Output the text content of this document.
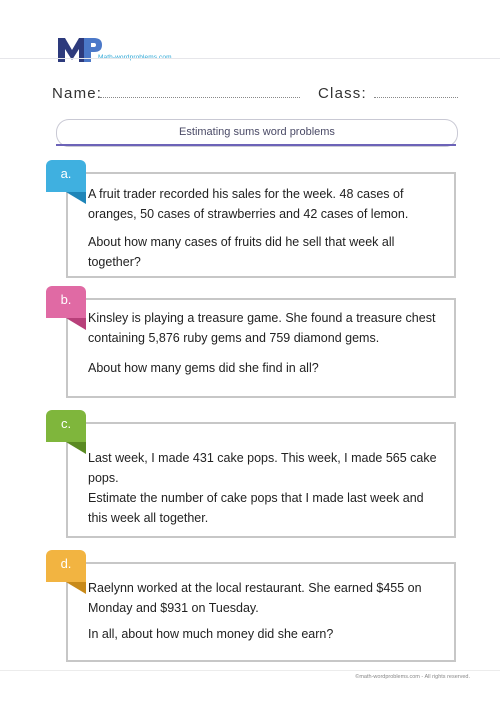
Name:	Class:
Estimating sums word problems
A fruit trader recorded his sales for the week. 48 cases of
oranges, 50 cases of strawberries and 42 cases of lemon.
About how many cases of fruits did he sell that week all
together?
a.
Kinsley is playing a treasure game. She found a treasure chest
containing 5,876 ruby gems and 759 diamond gems.
About how many gems did she find in all?
b.
Last week, I made 431 cake pops. This week, I made 565 cake
pops.
Estimate the number of cake pops that I made last week and
this week all together.
c.
Raelynn worked at the local restaurant. She earned $455 on
Monday and $931 on Tuesday.
In all, about how much money did she earn?
d.
©math-wordproblems.com - All rights reserved.
